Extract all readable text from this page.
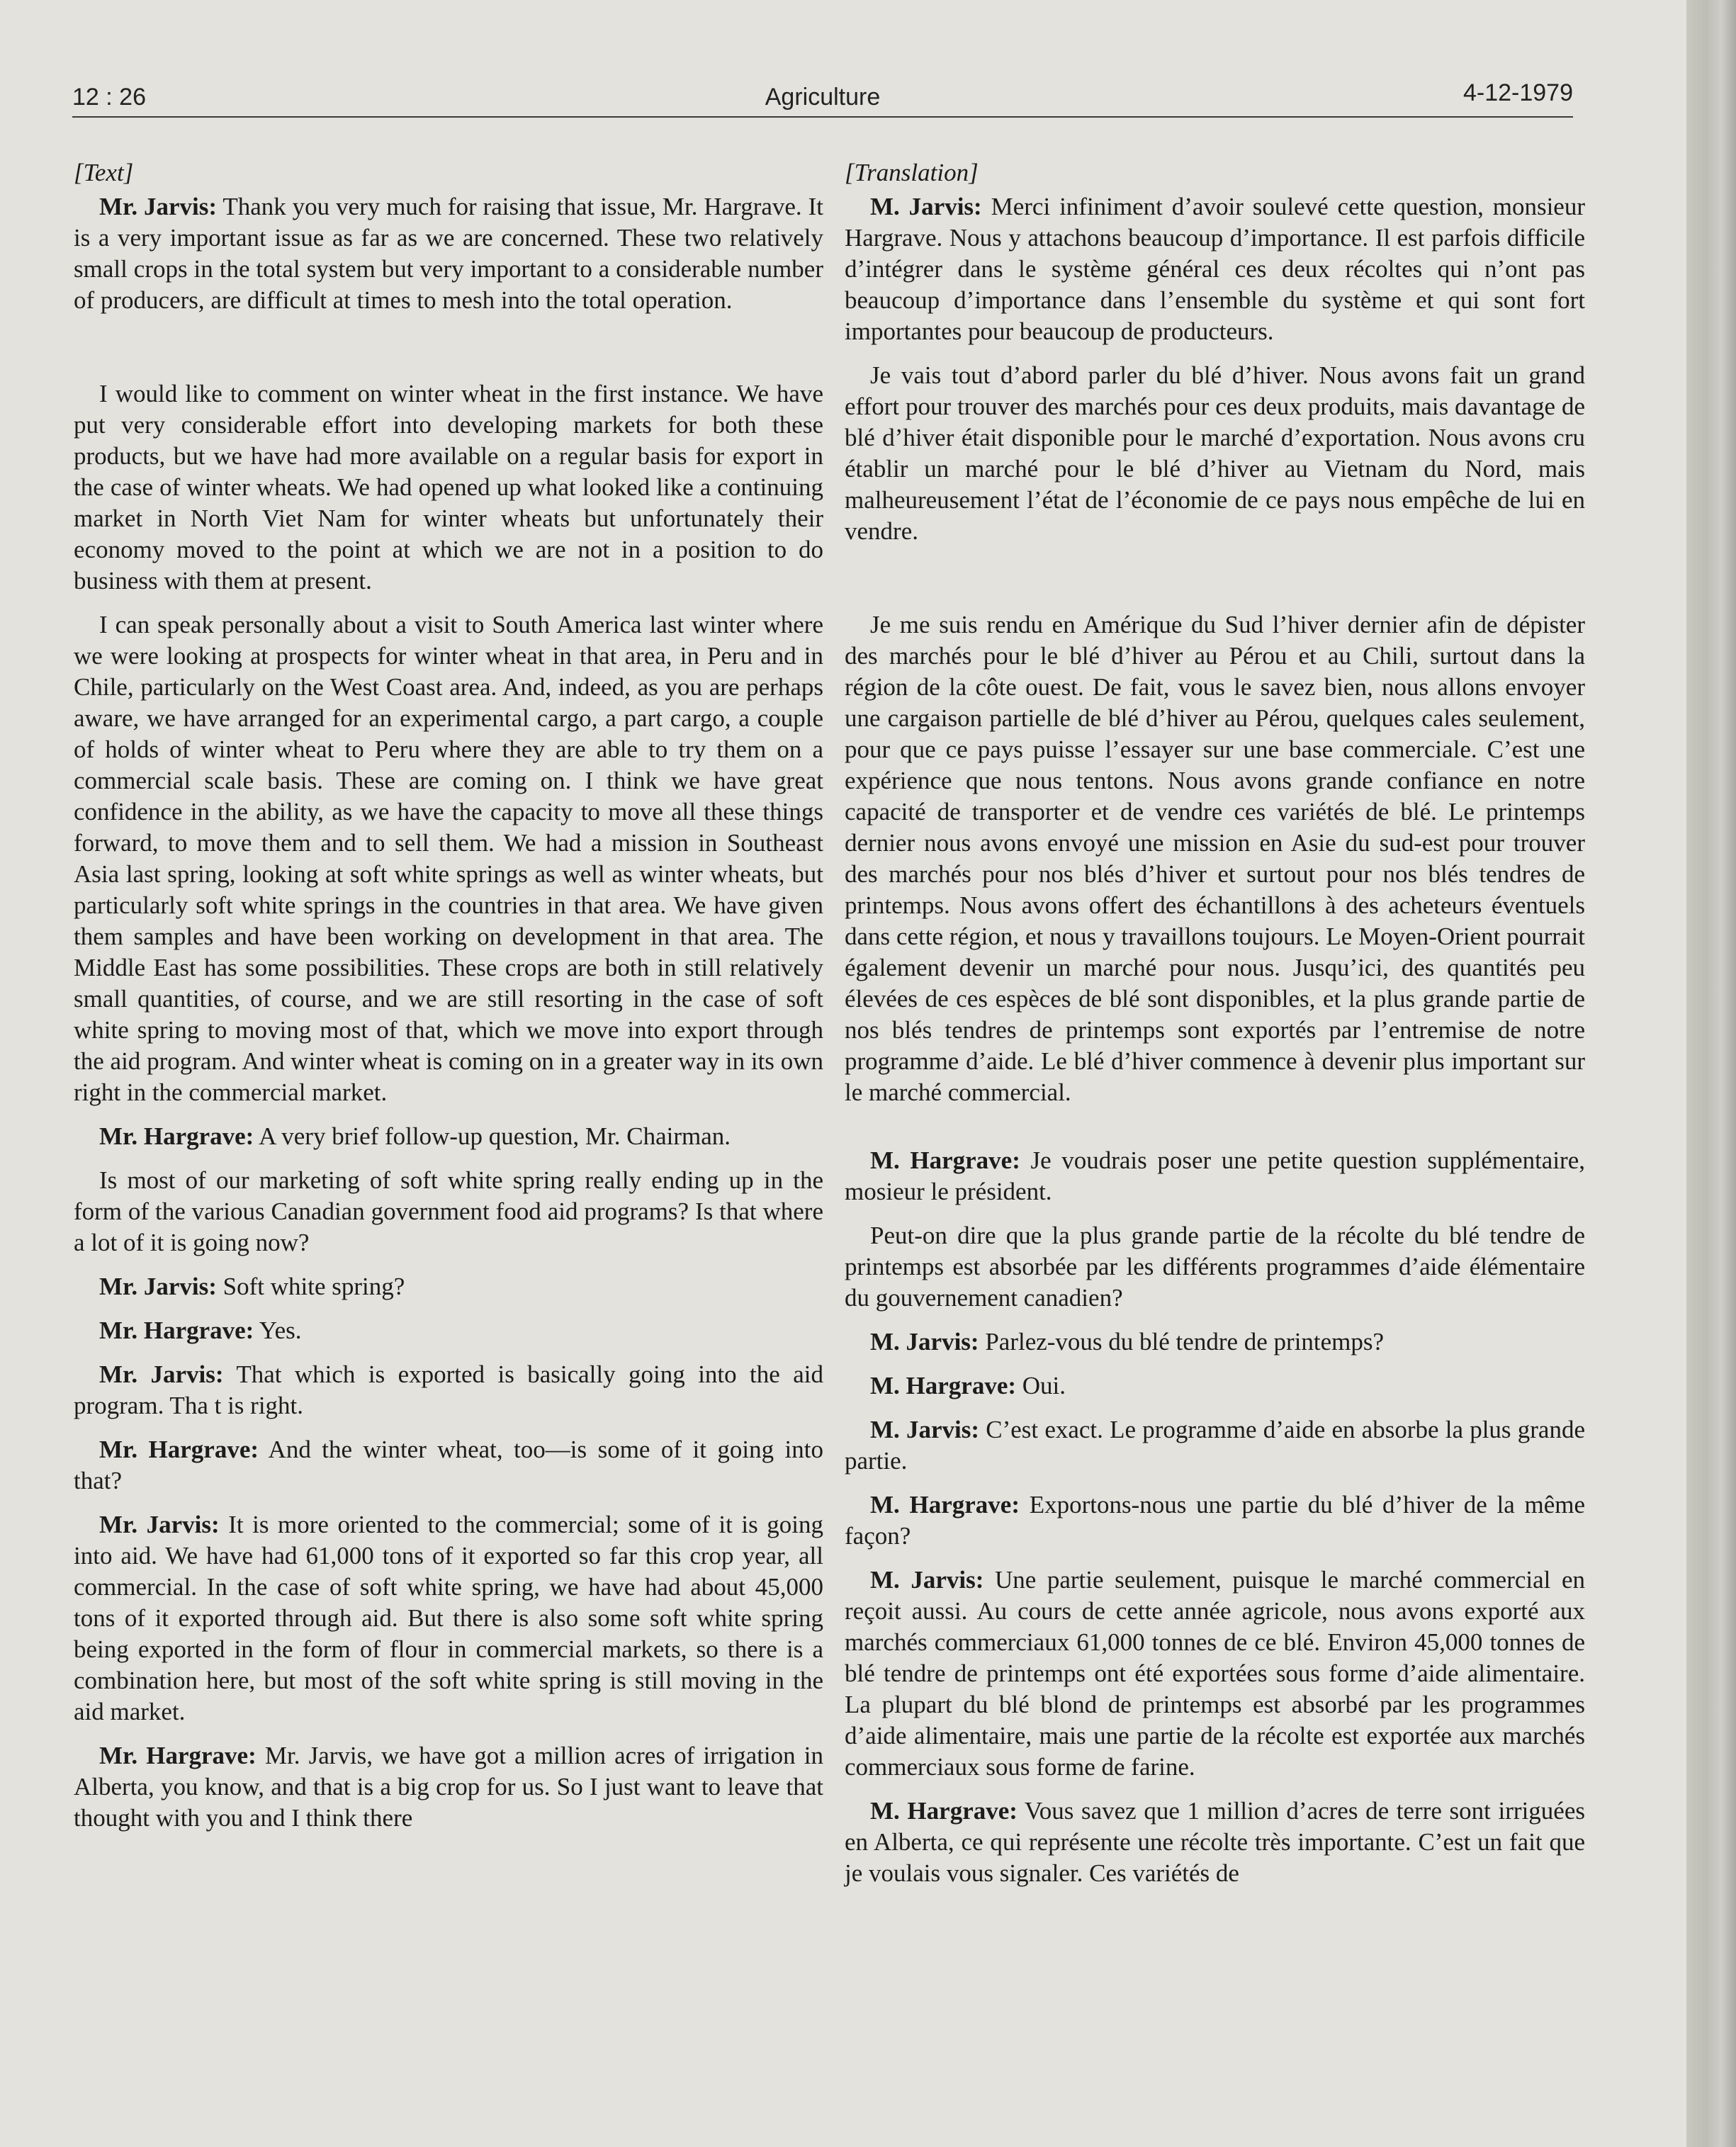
12 : 26	Agriculture	4-12-1979

[Text]

Mr. Jarvis: Thank you very much for raising that issue, Mr. Hargrave. It is a very important issue as far as we are concerned. These two relatively small crops in the total system but very important to a considerable number of producers, are difficult at times to mesh into the total operation.

I would like to comment on winter wheat in the first instance. We have put very considerable effort into developing markets for both these products, but we have had more available on a regular basis for export in the case of winter wheats. We had opened up what looked like a continuing market in North Viet Nam for winter wheats but unfortunately their economy moved to the point at which we are not in a position to do business with them at present.

I can speak personally about a visit to South America last winter where we were looking at prospects for winter wheat in that area, in Peru and in Chile, particularly on the West Coast area. And, indeed, as you are perhaps aware, we have arranged for an experimental cargo, a part cargo, a couple of holds of winter wheat to Peru where they are able to try them on a commercial scale basis. These are coming on. I think we have great confidence in the ability, as we have the capacity to move all these things forward, to move them and to sell them. We had a mission in Southeast Asia last spring, looking at soft white springs as well as winter wheats, but particularly soft white springs in the countries in that area. We have given them samples and have been working on development in that area. The Middle East has some possibilities. These crops are both in still relatively small quantities, of course, and we are still resorting in the case of soft white spring to moving most of that, which we move into export through the aid program. And winter wheat is coming on in a greater way in its own right in the commercial market.

Mr. Hargrave: A very brief follow-up question, Mr. Chairman.

Is most of our marketing of soft white spring really ending up in the form of the various Canadian government food aid programs? Is that where a lot of it is going now?

Mr. Jarvis: Soft white spring?

Mr. Hargrave: Yes.

Mr. Jarvis: That which is exported is basically going into the aid program. Tha t is right.

Mr. Hargrave: And the winter wheat, too—is some of it going into that?

Mr. Jarvis: It is more oriented to the commercial; some of it is going into aid. We have had 61,000 tons of it exported so far this crop year, all commercial. In the case of soft white spring, we have had about 45,000 tons of it exported through aid. But there is also some soft white spring being exported in the form of flour in commercial markets, so there is a combination here, but most of the soft white spring is still moving in the aid market.

Mr. Hargrave: Mr. Jarvis, we have got a million acres of irrigation in Alberta, you know, and that is a big crop for us. So I just want to leave that thought with you and I think there

[Translation]

M. Jarvis: Merci infiniment d’avoir soulevé cette question, monsieur Hargrave. Nous y attachons beaucoup d’importance. Il est parfois difficile d’intégrer dans le système général ces deux récoltes qui n’ont pas beaucoup d’importance dans l’ensemble du système et qui sont fort importantes pour beaucoup de producteurs.

Je vais tout d’abord parler du blé d’hiver. Nous avons fait un grand effort pour trouver des marchés pour ces deux produits, mais davantage de blé d’hiver était disponible pour le marché d’exportation. Nous avons cru établir un marché pour le blé d’hiver au Vietnam du Nord, mais malheureusement l’état de l’économie de ce pays nous empêche de lui en vendre.

Je me suis rendu en Amérique du Sud l’hiver dernier afin de dépister des marchés pour le blé d’hiver au Pérou et au Chili, surtout dans la région de la côte ouest. De fait, vous le savez bien, nous allons envoyer une cargaison partielle de blé d’hiver au Pérou, quelques cales seulement, pour que ce pays puisse l’essayer sur une base commerciale. C’est une expérience que nous tentons. Nous avons grande confiance en notre capacité de transporter et de vendre ces variétés de blé. Le printemps dernier nous avons envoyé une mission en Asie du sud-est pour trouver des marchés pour nos blés d’hiver et surtout pour nos blés tendres de printemps. Nous avons offert des échantillons à des acheteurs éventuels dans cette région, et nous y travaillons toujours. Le Moyen-Orient pourrait également devenir un marché pour nous. Jusqu’ici, des quantités peu élevées de ces espèces de blé sont disponibles, et la plus grande partie de nos blés tendres de printemps sont exportés par l’entremise de notre programme d’aide. Le blé d’hiver commence à devenir plus important sur le marché commercial.

M. Hargrave: Je voudrais poser une petite question supplémentaire, mosieur le président.

Peut-on dire que la plus grande partie de la récolte du blé tendre de printemps est absorbée par les différents programmes d’aide élémentaire du gouvernement canadien?

M. Jarvis: Parlez-vous du blé tendre de printemps?

M. Hargrave: Oui.

M. Jarvis: C’est exact. Le programme d’aide en absorbe la plus grande partie.

M. Hargrave: Exportons-nous une partie du blé d’hiver de la même façon?

M. Jarvis: Une partie seulement, puisque le marché commercial en reçoit aussi. Au cours de cette année agricole, nous avons exporté aux marchés commerciaux 61,000 tonnes de ce blé. Environ 45,000 tonnes de blé tendre de printemps ont été exportées sous forme d’aide alimentaire. La plupart du blé blond de printemps est absorbé par les programmes d’aide alimentaire, mais une partie de la récolte est exportée aux marchés commerciaux sous forme de farine.

M. Hargrave: Vous savez que 1 million d’acres de terre sont irriguées en Alberta, ce qui représente une récolte très importante. C’est un fait que je voulais vous signaler. Ces variétés de
